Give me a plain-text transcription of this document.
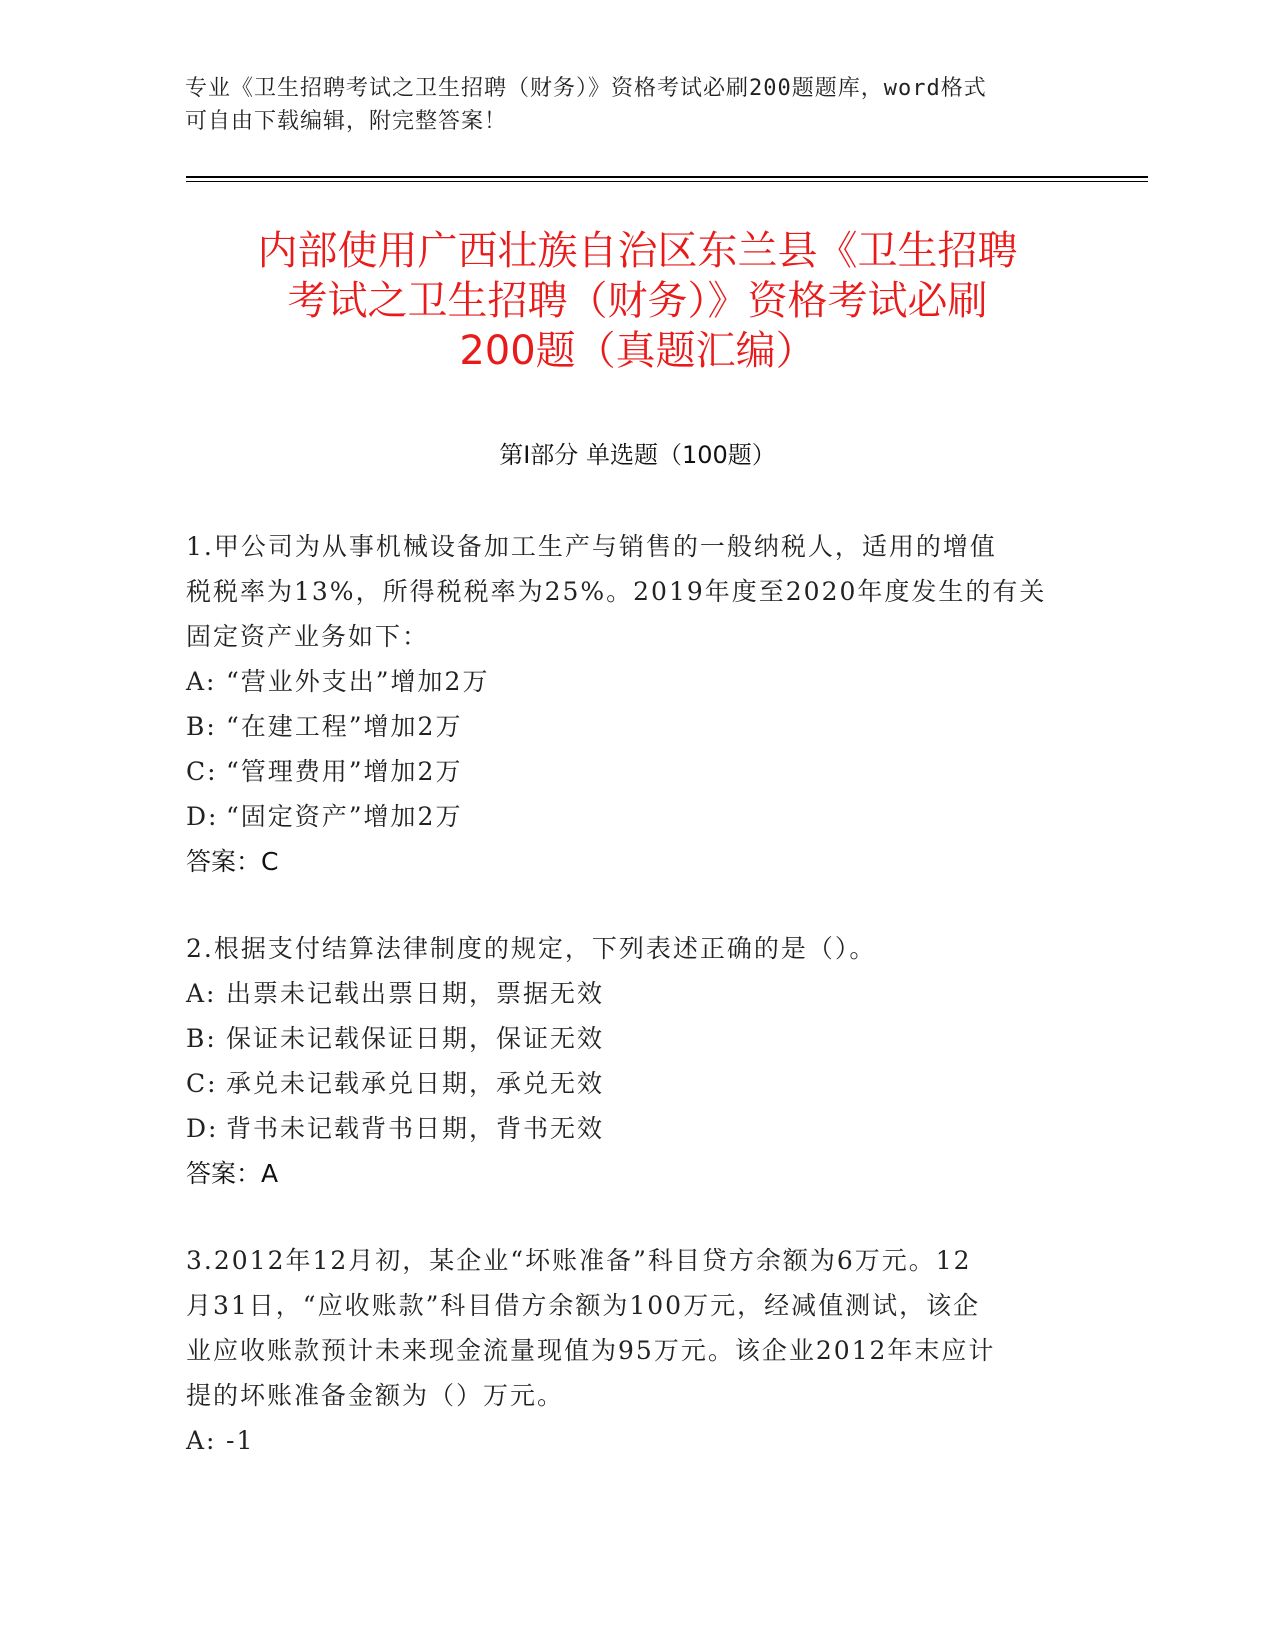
专业《卫生招聘考试之卫生招聘（财务）》资格考试必刷200题题库，word格式
可自由下载编辑，附完整答案！
内部使用广西壮族自治区东兰县《卫生招聘
考试之卫生招聘（财务）》资格考试必刷
200题（真题汇编）
第Ⅰ部分 单选题（100题）

1.甲公司为从事机械设备加工生产与销售的一般纳税人，适用的增值

税税率为13%，所得税税率为25%。2019年度至2020年度发生的有关

固定资产业务如下：

A: “营业外支出”增加2万

B: “在建工程”增加2万

C: “管理费用”增加2万

D: “固定资产”增加2万

答案：C

2.根据支付结算法律制度的规定，下列表述正确的是（）。

A: 出票未记载出票日期，票据无效

B: 保证未记载保证日期，保证无效

C: 承兑未记载承兑日期，承兑无效

D: 背书未记载背书日期，背书无效

答案：A

3.2012年12月初，某企业“坏账准备”科目贷方余额为6万元。12

月31日，“应收账款”科目借方余额为100万元，经减值测试，该企

业应收账款预计未来现金流量现值为95万元。该企业2012年末应计

提的坏账准备金额为（）万元。

A: -1
